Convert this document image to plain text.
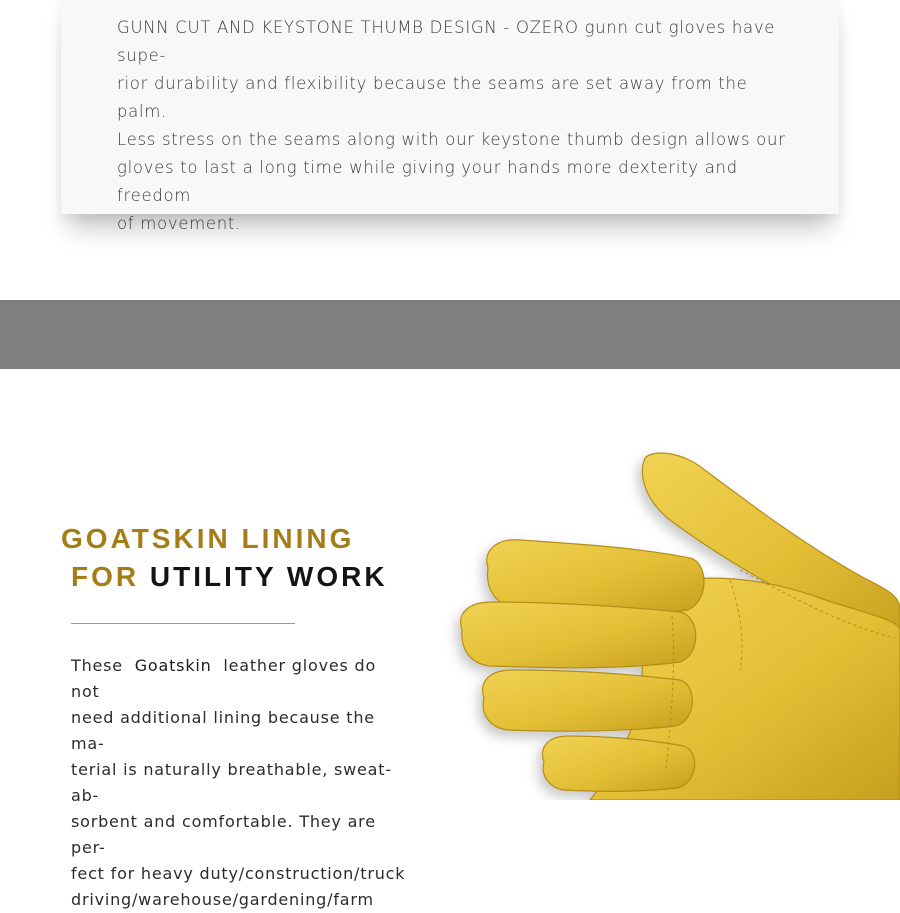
GUNN CUT AND KEYSTONE THUMB DESIGN - OZERO gunn cut gloves have supe-
rior durability and flexibility because the seams are set away from the palm.
Less stress on the seams along with our keystone thumb design allows our
gloves to last a long time while giving your hands more dexterity and freedom
of movement.

GOATSKIN LINING
FOR UTILITY WORK

These Goatskin leather gloves do not
need additional lining because the ma-
terial is naturally breathable, sweat-ab-
sorbent and comfortable. They are per-
fect for heavy duty/construction/truck
driving/warehouse/gardening/farm
